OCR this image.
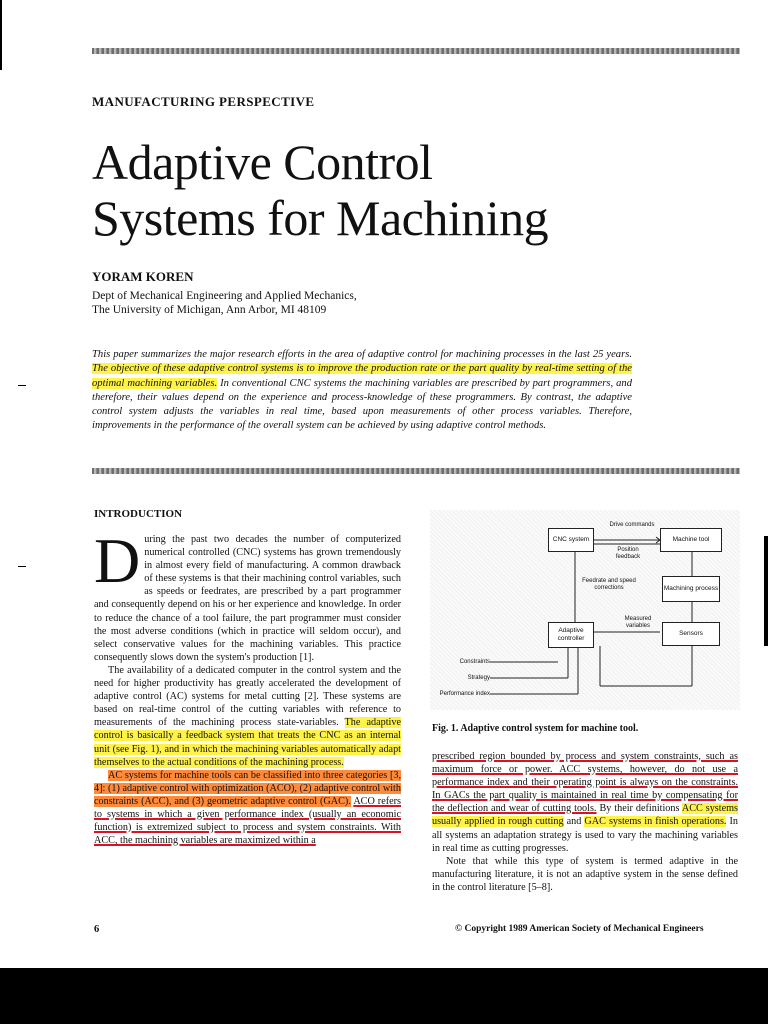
MANUFACTURING PERSPECTIVE
Adaptive Control
Systems for Machining
YORAM KOREN
Dept of Mechanical Engineering and Applied Mechanics,
The University of Michigan, Ann Arbor, MI 48109
This paper summarizes the major research efforts in the area of adaptive control for machining processes in the last 25 years. The objective of these adaptive control systems is to improve the production rate or the part quality by real-time setting of the optimal machining variables. In conventional CNC systems the machining variables are prescribed by part programmers, and therefore, their values depend on the experience and process-knowledge of these programmers. By contrast, the adaptive control system adjusts the variables in real time, based upon measurements of other process variables. Therefore, improvements in the performance of the overall system can be achieved by using adaptive control methods.
INTRODUCTION

During the past two decades the number of computerized numerical controlled (CNC) systems has grown tremendously in almost every field of manufacturing. A common drawback of these systems is that their machining control variables, such as speeds or feedrates, are prescribed by a part programmer and consequently depend on his or her experience and knowledge. In order to reduce the chance of a tool failure, the part programmer must consider the most adverse conditions (which in practice will seldom occur), and select conservative values for the machining variables. This practice consequently slows down the system's production [1].

The availability of a dedicated computer in the control system and the need for higher productivity has greatly accelerated the development of adaptive control (AC) systems for metal cutting [2]. These systems are based on real-time control of the cutting variables with reference to measurements of the machining process state-variables. The adaptive control is basically a feedback system that treats the CNC as an internal unit (see Fig. 1), and in which the machining variables automatically adapt themselves to the actual conditions of the machining process.

AC systems for machine tools can be classified into three categories [3, 4]: (1) adaptive control with optimization (ACO), (2) adaptive control with constraints (ACC), and (3) geometric adaptive control (GAC). ACO refers to systems in which a given performance index (usually an economic function) is extremized subject to process and system constraints. With ACC, the machining variables are maximized within a

CNC system	Machine tool
Machining process
Adaptive controller
Sensors
Drive commands
Position feedback
Feedrate and speed corrections
Measured variables
Constraints
Strategy
Performance index
Fig. 1. Adaptive control system for machine tool.

prescribed region bounded by process and system constraints, such as maximum force or power. ACC systems, however, do not use a performance index and their operating point is always on the constraints. In GACs the part quality is maintained in real time by compensating for the deflection and wear of cutting tools. By their definitions ACC systems usually applied in rough cutting and GAC systems in finish operations. In all systems an adaptation strategy is used to vary the machining variables in real time as cutting progresses.

Note that while this type of system is termed adaptive in the manufacturing literature, it is not an adaptive system in the sense defined in the control literature [5–8].

6	© Copyright 1989 American Society of Mechanical Engineers
